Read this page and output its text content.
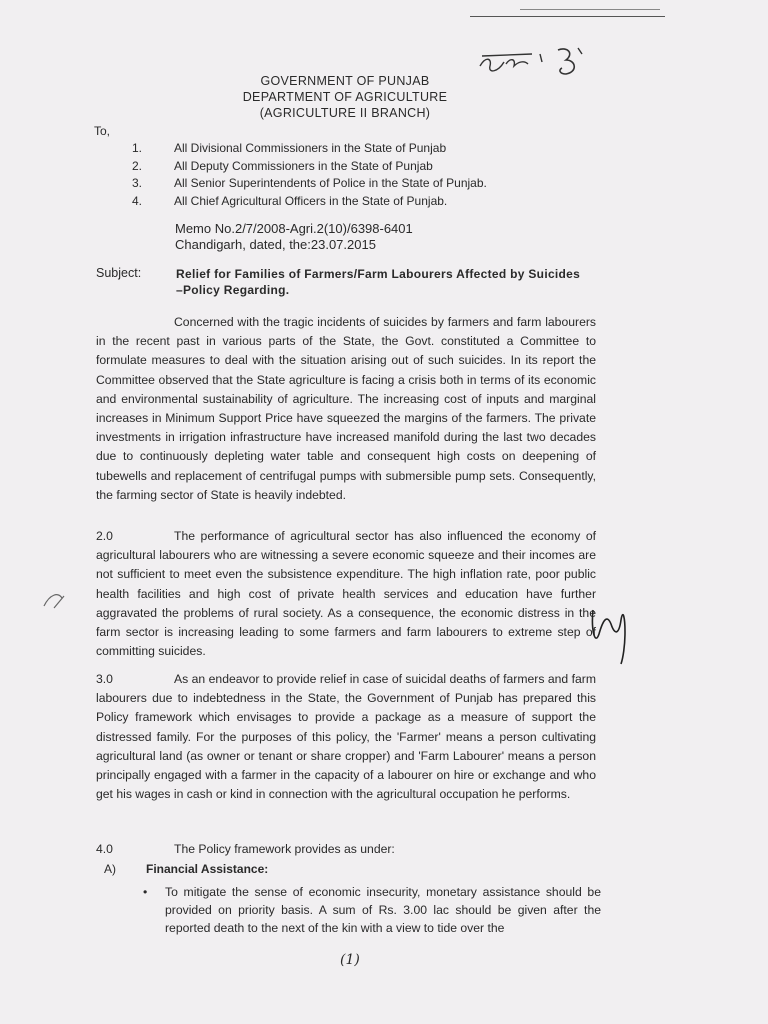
GOVERNMENT OF PUNJAB
DEPARTMENT OF AGRICULTURE
(AGRICULTURE II BRANCH)
To,
1.	All Divisional Commissioners in the State of Punjab
2.	All Deputy Commissioners in the State of Punjab
3.	All Senior Superintendents of Police in the State of Punjab.
4.	All Chief Agricultural Officers in the State of Punjab.
Memo No.2/7/2008-Agri.2(10)/6398-6401
Chandigarh, dated, the:23.07.2015
Subject:	Relief for Families of Farmers/Farm Labourers Affected by Suicides –Policy Regarding.
Concerned with the tragic incidents of suicides by farmers and farm labourers in the recent past in various parts of the State, the Govt. constituted a Committee to formulate measures to deal with the situation arising out of such suicides. In its report the Committee observed that the State agriculture is facing a crisis both in terms of its economic and environmental sustainability of agriculture. The increasing cost of inputs and marginal increases in Minimum Support Price have squeezed the margins of the farmers. The private investments in irrigation infrastructure have increased manifold during the last two decades due to continuously depleting water table and consequent high costs on deepening of tubewells and replacement of centrifugal pumps with submersible pump sets. Consequently, the farming sector of State is heavily indebted.
2.0	The performance of agricultural sector has also influenced the economy of agricultural labourers who are witnessing a severe economic squeeze and their incomes are not sufficient to meet even the subsistence expenditure. The high inflation rate, poor public health facilities and high cost of private health services and education have further aggravated the problems of rural society. As a consequence, the economic distress in the farm sector is increasing leading to some farmers and farm labourers to extreme step of committing suicides.
3.0	As an endeavor to provide relief in case of suicidal deaths of farmers and farm labourers due to indebtedness in the State, the Government of Punjab has prepared this Policy framework which envisages to provide a package as a measure of support the distressed family. For the purposes of this policy, the 'Farmer' means a person cultivating agricultural land (as owner or tenant or share cropper) and 'Farm Labourer' means a person principally engaged with a farmer in the capacity of a labourer on hire or exchange and who get his wages in cash or kind in connection with the agricultural occupation he performs.
4.0	The Policy framework provides as under:
A)	Financial Assistance:
• To mitigate the sense of economic insecurity, monetary assistance should be provided on priority basis. A sum of Rs. 3.00 lac should be given after the reported death to the next of the kin with a view to tide over the
(1)
